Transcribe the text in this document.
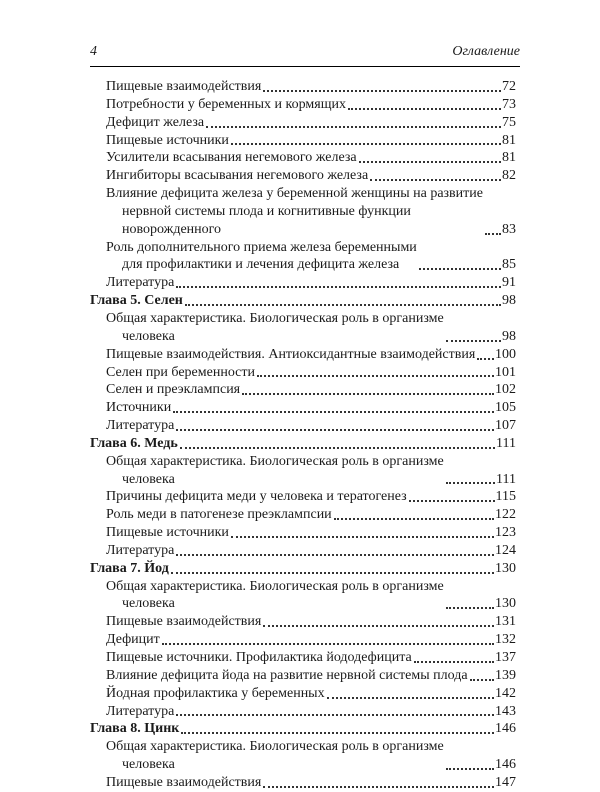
4	Оглавление
Пищевые взаимодействия	72
Потребности у беременных и кормящих	73
Дефицит железа	75
Пищевые источники	81
Усилители всасывания негемового железа	81
Ингибиторы всасывания негемового железа	82
Влияние дефицита железа у беременной женщины на развитие
нервной системы плода и когнитивные функции
новорожденного	83
Роль дополнительного приема железа беременными
для профилактики и лечения дефицита железа	85
Литература	91
Глава 5. Селен	98
Общая характеристика. Биологическая роль в организме
человека	98
Пищевые взаимодействия. Антиоксидантные взаимодействия 100
Селен при беременности	101
Селен и преэклампсия	102
Источники	105
Литература	107
Глава 6. Медь	111
Общая характеристика. Биологическая роль в организме
человека	111
Причины дефицита меди у человека и тератогенез	115
Роль меди в патогенезе преэклампсии	122
Пищевые источники	123
Литература	124
Глава 7. Йод	130
Общая характеристика. Биологическая роль в организме
человека	130
Пищевые взаимодействия	131
Дефицит	132
Пищевые источники. Профилактика йододефицита	137
Влияние дефицита йода на развитие нервной системы плода 139
Йодная профилактика у беременных	142
Литература	143
Глава 8. Цинк	146
Общая характеристика. Биологическая роль в организме
человека	146
Пищевые взаимодействия	147
